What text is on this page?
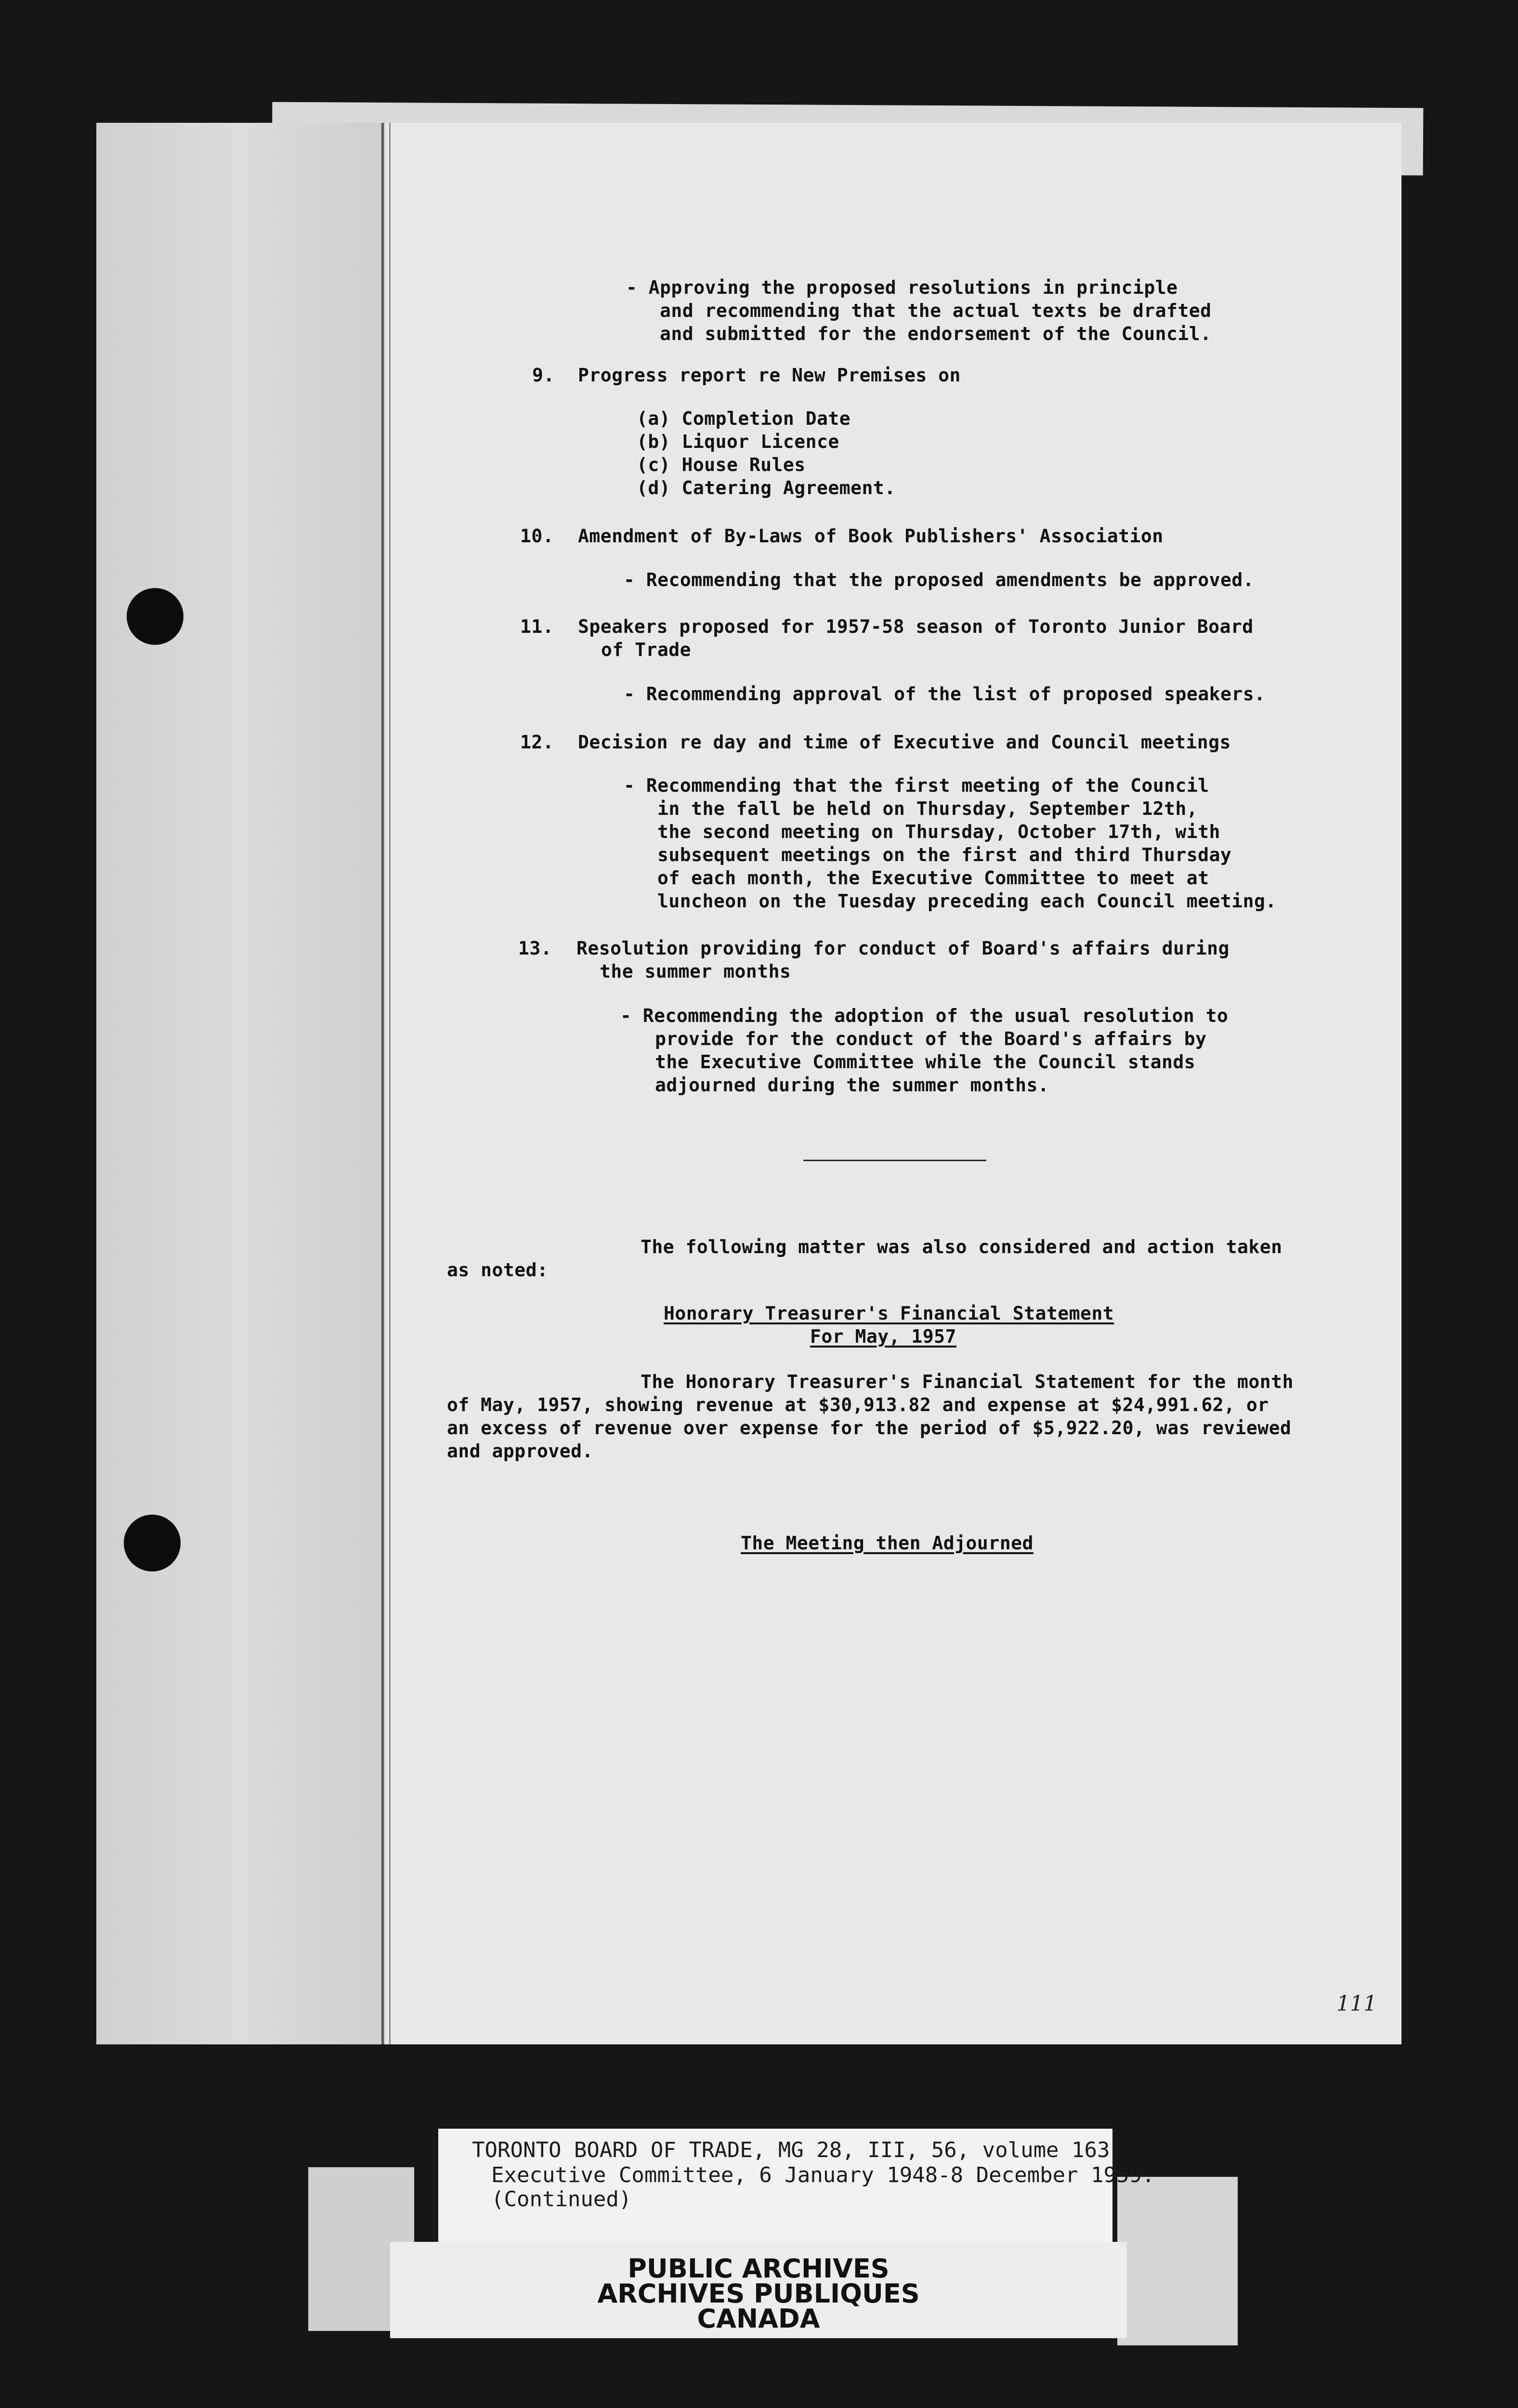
- Approving the proposed resolutions in principle

and recommending that the actual texts be drafted

and submitted for the endorsement of the Council.

9.

Progress report re New Premises on

(a) Completion Date

(b) Liquor Licence

(c) House Rules

(d) Catering Agreement.

10.

Amendment of By-Laws of Book Publishers' Association

- Recommending that the proposed amendments be approved.

11.

Speakers proposed for 1957-58 season of Toronto Junior Board

of Trade

- Recommending approval of the list of proposed speakers.

12.

Decision re day and time of Executive and Council meetings

- Recommending that the first meeting of the Council

in the fall be held on Thursday, September 12th,

the second meeting on Thursday, October 17th, with

subsequent meetings on the first and third Thursday

of each month, the Executive Committee to meet at

luncheon on the Tuesday preceding each Council meeting.

13.

Resolution providing for conduct of Board's affairs during

the summer months

- Recommending the adoption of the usual resolution to

provide for the conduct of the Board's affairs by

the Executive Committee while the Council stands

adjourned during the summer months.

The following matter was also considered and action taken

as noted:

Honorary Treasurer's Financial Statement

For May, 1957

The Honorary Treasurer's Financial Statement for the month

of May, 1957, showing revenue at $30,913.82 and expense at $24,991.62, or

an excess of revenue over expense for the period of $5,922.20, was reviewed

and approved.

The Meeting then Adjourned

111
TORONTO BOARD OF TRADE, MG 28, III, 56, volume 163.
Executive Committee, 6 January 1948-8 December 1959.
(Continued)
PUBLIC ARCHIVES
ARCHIVES PUBLIQUES
CANADA
